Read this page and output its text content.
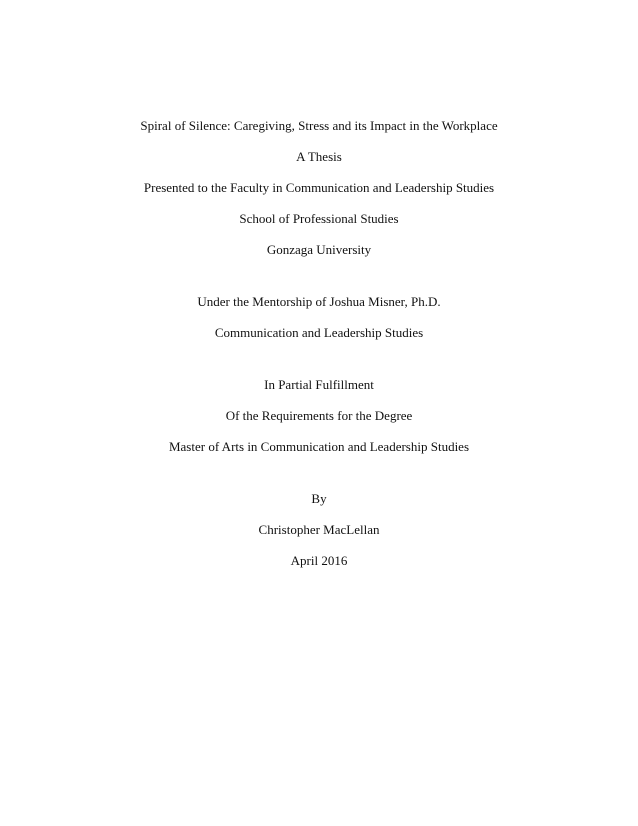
Spiral of Silence: Caregiving, Stress and its Impact in the Workplace
A Thesis
Presented to the Faculty in Communication and Leadership Studies
School of Professional Studies
Gonzaga University
Under the Mentorship of Joshua Misner, Ph.D.
Communication and Leadership Studies
In Partial Fulfillment
Of the Requirements for the Degree
Master of Arts in Communication and Leadership Studies
By
Christopher MacLellan
April 2016
